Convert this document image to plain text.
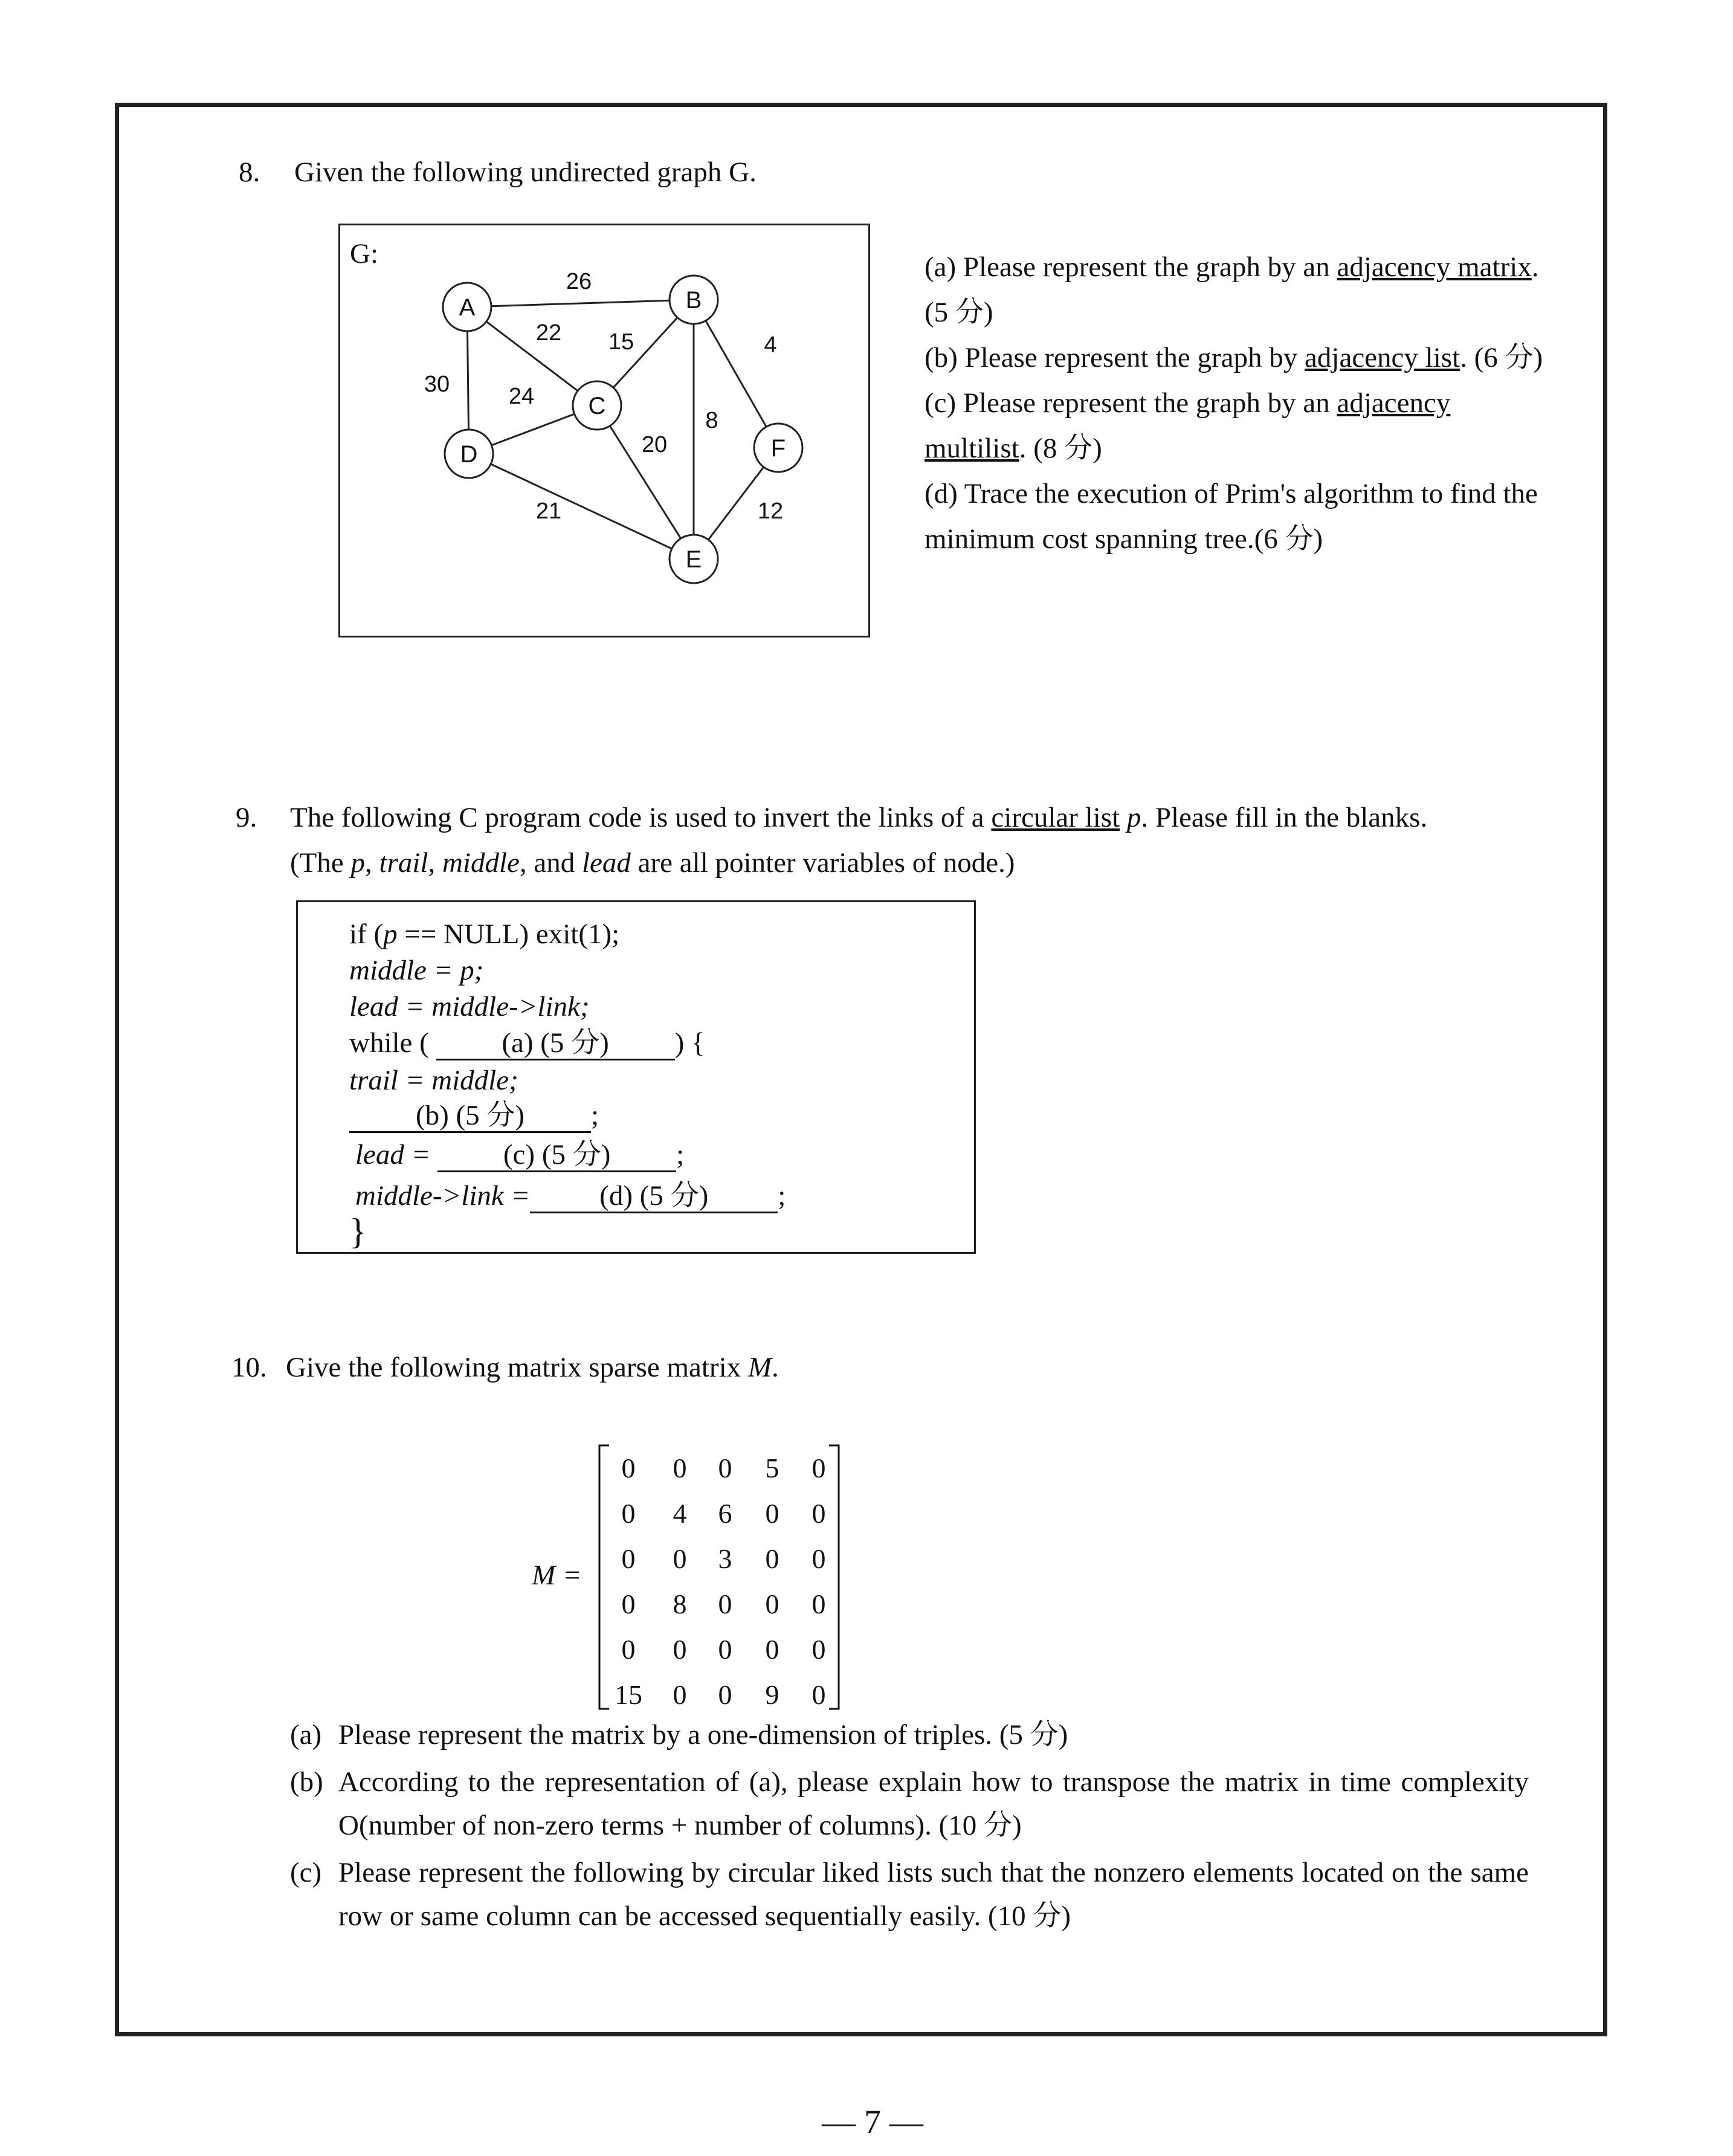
8. Given the following undirected graph G.
G:
26
22
30
15
8
4
24
20
21	12
A	B
C
D
E
F

(a) Please represent the graph by an adjacency matrix. (5 分)

(b) Please represent the graph by adjacency list. (6 分)

(c) Please represent the graph by an adjacency multilist. (8 分)

(d) Trace the execution of Prim's algorithm to find the minimum cost spanning tree.(6 分)

9. The following C program code is used to invert the links of a circular list p. Please fill in the blanks.
(The p, trail, middle, and lead are all pointer variables of node.)
if (p == NULL) exit(1);
middle = p;
lead = middle->link;
while (	(a) (5 分) ) {
trail = middle;
(b) (5 分) ;
lead =	(c) (5 分) ;
middle->link = (d) (5 分) ;
}
10. Give the following matrix sparse matrix M.
M =
0 0 0 5 0
0 4 6 0 0
0 0 3 0 0
0 8 0 0 0
0 0 0 0 0
15 0 0 9 0

(a) Please represent the matrix by a one-dimension of triples. (5 分)

(b) According to the representation of (a), please explain how to transpose the matrix in time complexity O(number of non-zero terms + number of columns). (10 分)

(c) Please represent the following by circular liked lists such that the nonzero elements located on the same row or same column can be accessed sequentially easily. (10 分)

— 7 —
